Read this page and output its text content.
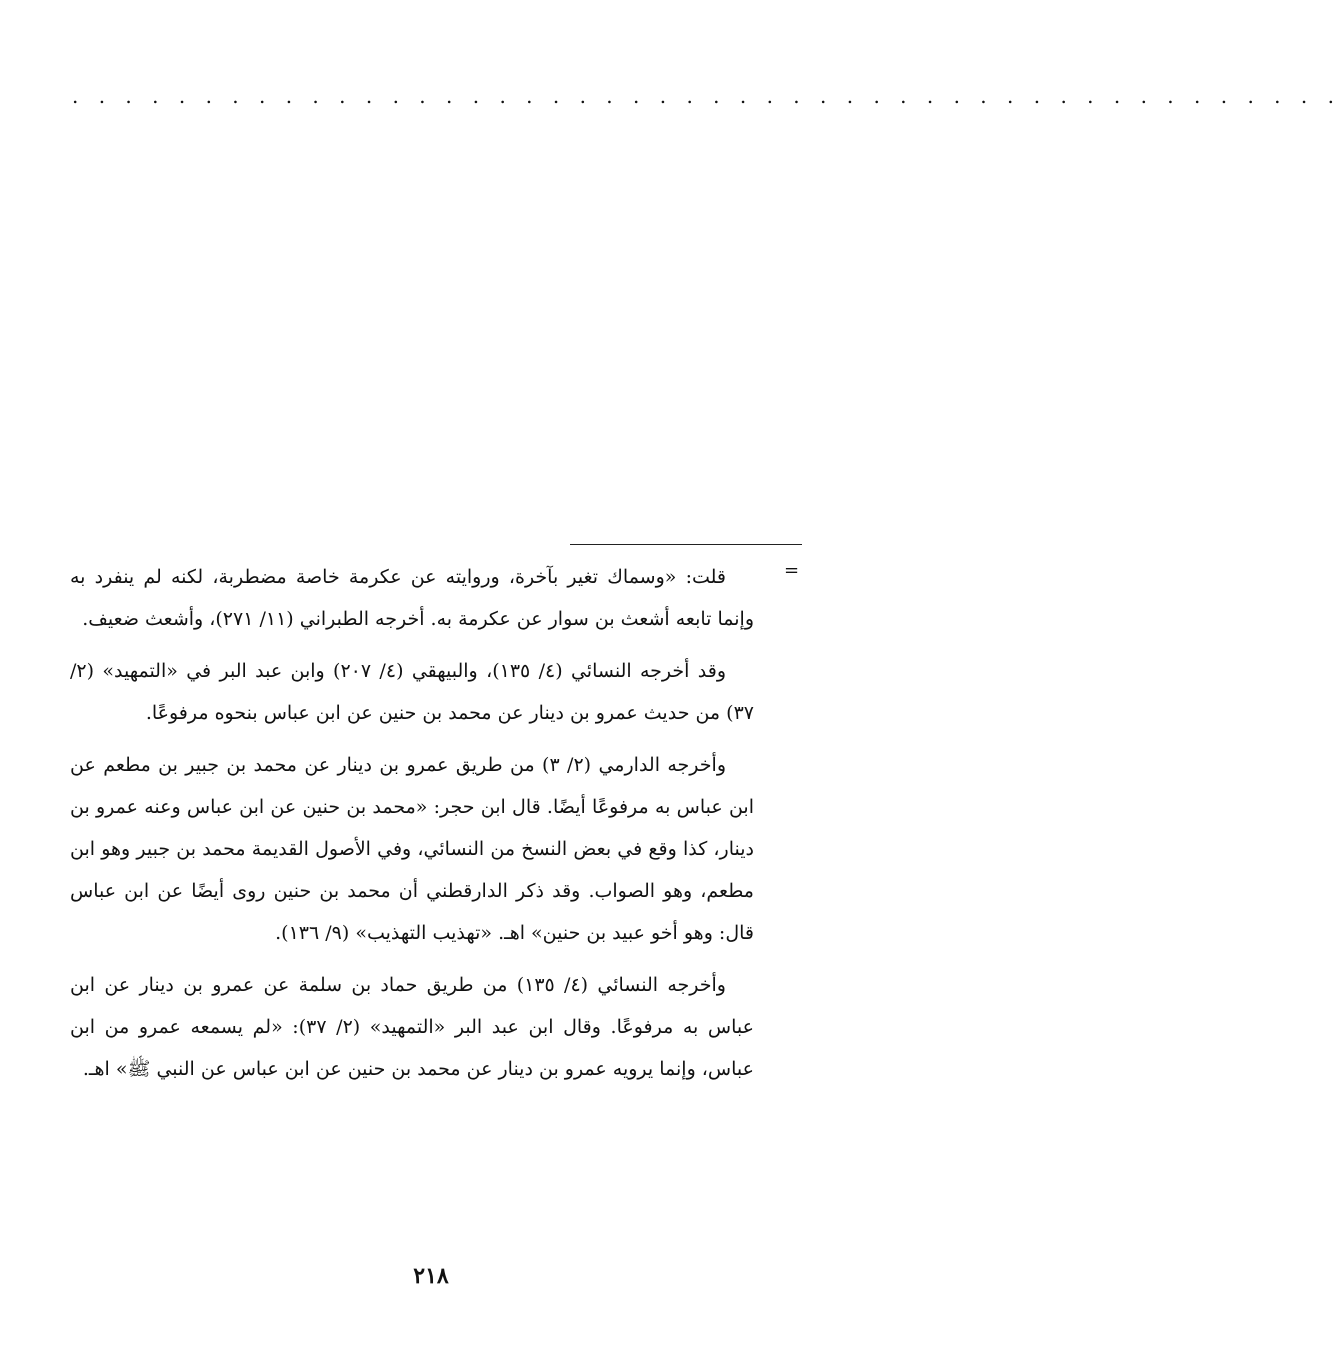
. . . . . . . . . . . . . . . . . . . . . . . . . . . . . . . . . . . . . . . . . . . . . . . .
=

قلت: «وسماك تغير بآخرة، وروايته عن عكرمة خاصة مضطربة، لكنه لم ينفرد به وإنما تابعه أشعث بن سوار عن عكرمة به. أخرجه الطبراني (١١/ ٢٧١)، وأشعث ضعيف.

وقد أخرجه النسائي (٤/ ١٣٥)، والبيهقي (٤/ ٢٠٧) وابن عبد البر في «التمهيد» (٢/ ٣٧) من حديث عمرو بن دينار عن محمد بن حنين عن ابن عباس بنحوه مرفوعًا.

وأخرجه الدارمي (٢/ ٣) من طريق عمرو بن دينار عن محمد بن جبير بن مطعم عن ابن عباس به مرفوعًا أيضًا. قال ابن حجر: «محمد بن حنين عن ابن عباس وعنه عمرو بن دينار، كذا وقع في بعض النسخ من النسائي، وفي الأصول القديمة محمد بن جبير وهو ابن مطعم، وهو الصواب. وقد ذكر الدارقطني أن محمد بن حنين روى أيضًا عن ابن عباس قال: وهو أخو عبيد بن حنين» اهـ. «تهذيب التهذيب» (٩/ ١٣٦).

وأخرجه النسائي (٤/ ١٣٥) من طريق حماد بن سلمة عن عمرو بن دينار عن ابن عباس به مرفوعًا. وقال ابن عبد البر «التمهيد» (٢/ ٣٧): «لم يسمعه عمرو من ابن عباس، وإنما يرويه عمرو بن دينار عن محمد بن حنين عن ابن عباس عن النبي ﷺ» اهـ.

٢١٨
